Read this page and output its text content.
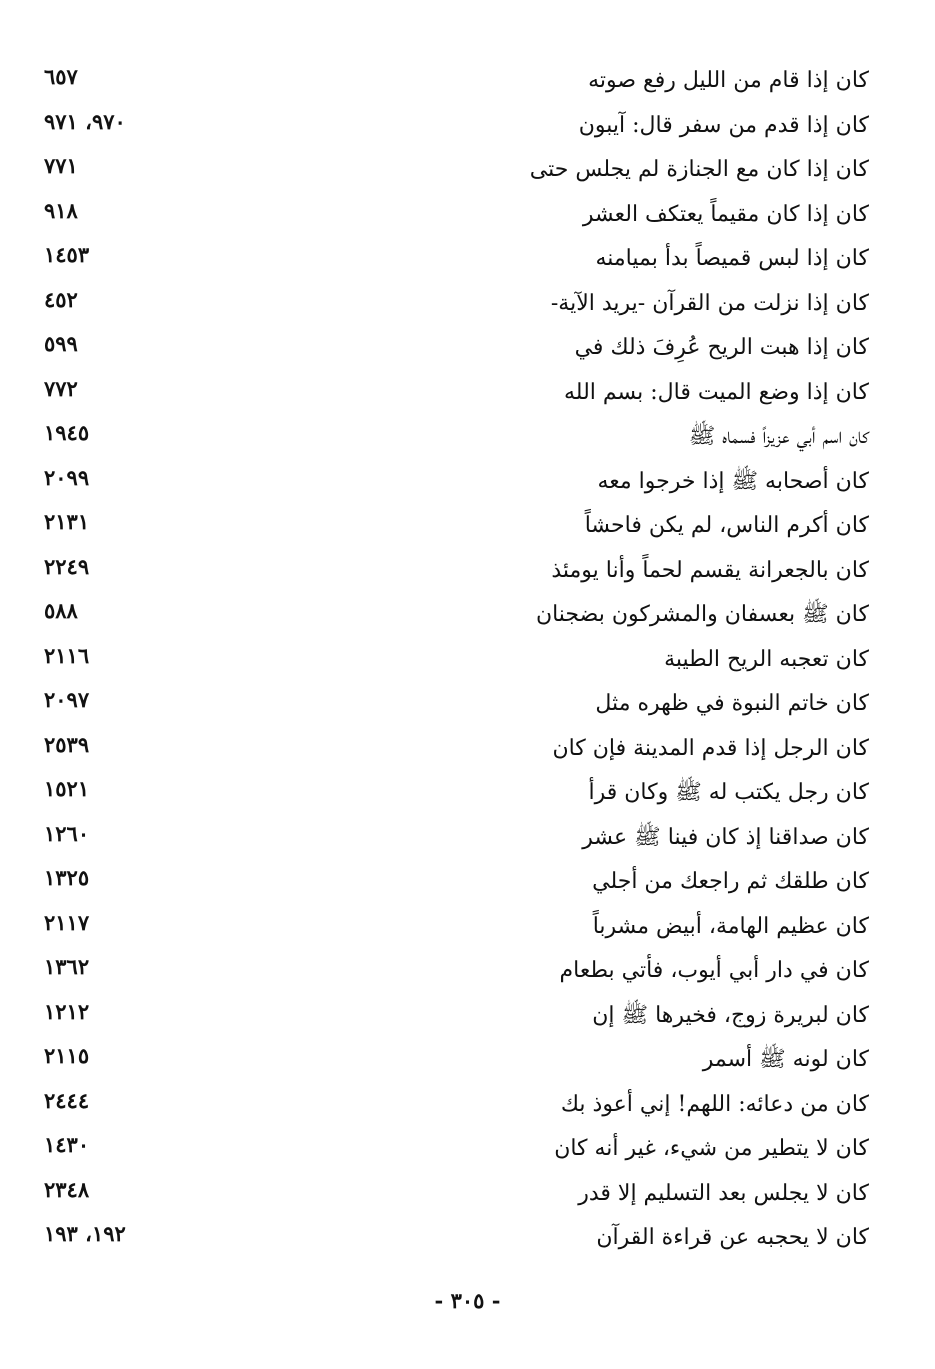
كان إذا قام من الليل رفع صوته
٦٥٧
كان إذا قدم من سفر قال: آيبون
٩٧٠، ٩٧١
كان إذا كان مع الجنازة لم يجلس حتى
٧٧١
كان إذا كان مقيماً يعتكف العشر
٩١٨
كان إذا لبس قميصاً بدأ بميامنه
١٤٥٣
كان إذا نزلت من القرآن -يريد الآية-
٤٥٢
كان إذا هبت الريح عُرِفَ ذلك في
٥٩٩
كان إذا وضع الميت قال: بسم الله
٧٧٢
كان اسم أبي عزيزاً فسماه ﷺ
١٩٤٥
كان أصحابه ﷺ إذا خرجوا معه
٢٠٩٩
كان أكرم الناس، لم يكن فاحشاً
٢١٣١
كان بالجعرانة يقسم لحماً وأنا يومئذ
٢٢٤٩
كان ﷺ بعسفان والمشركون بضجنان
٥٨٨
كان تعجبه الريح الطيبة
٢١١٦
كان خاتم النبوة في ظهره مثل
٢٠٩٧
كان الرجل إذا قدم المدينة فإن كان
٢٥٣٩
كان رجل يكتب له ﷺ وكان قرأ
١٥٢١
كان صداقنا إذ كان فينا ﷺ عشر
١٢٦٠
كان طلقك ثم راجعك من أجلي
١٣٢٥
كان عظيم الهامة، أبيض مشرباً
٢١١٧
كان في دار أبي أيوب، فأتي بطعام
١٣٦٢
كان لبريرة زوج، فخيرها ﷺ إن
١٢١٢
كان لونه ﷺ أسمر
٢١١٥
كان من دعائه: اللهم! إني أعوذ بك
٢٤٤٤
كان لا يتطير من شيء، غير أنه كان
١٤٣٠
كان لا يجلس بعد التسليم إلا قدر
٢٣٤٨
كان لا يحجبه عن قراءة القرآن
١٩٢، ١٩٣
- ٣٠٥ -
